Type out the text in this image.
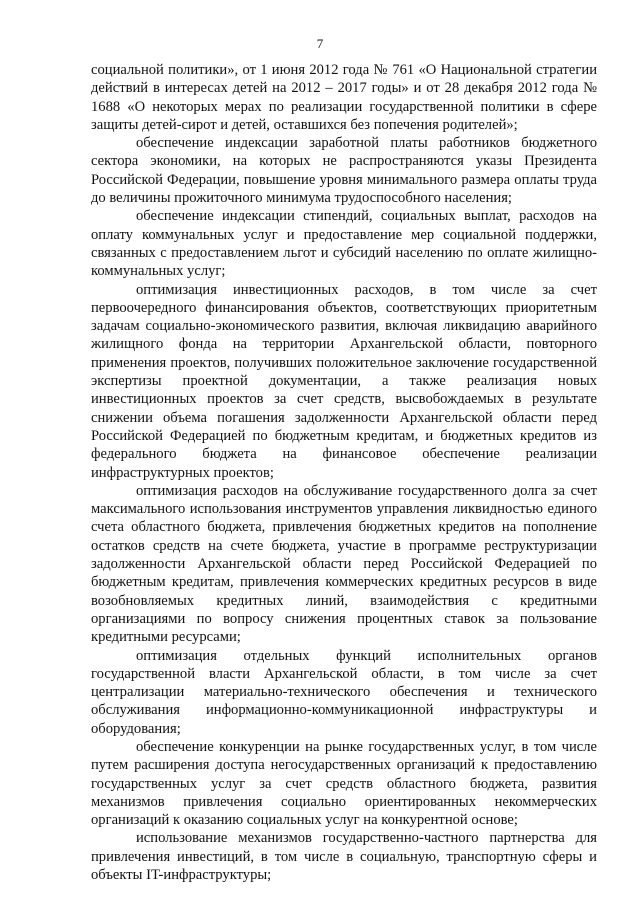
7

социальной политики», от 1 июня 2012 года № 761 «О Национальной стратегии действий в интересах детей на 2012 – 2017 годы» и от 28 декабря 2012 года № 1688 «О некоторых мерах по реализации государственной политики в сфере защиты детей-сирот и детей, оставшихся без попечения родителей»;

обеспечение индексации заработной платы работников бюджетного сектора экономики, на которых не распространяются указы Президента Российской Федерации, повышение уровня минимального размера оплаты труда до величины прожиточного минимума трудоспособного населения;

обеспечение индексации стипендий, социальных выплат, расходов на оплату коммунальных услуг и предоставление мер социальной поддержки, связанных с предоставлением льгот и субсидий населению по оплате жилищно-коммунальных услуг;

оптимизация инвестиционных расходов, в том числе за счет первоочередного финансирования объектов, соответствующих приоритетным задачам социально-экономического развития, включая ликвидацию аварийного жилищного фонда на территории Архангельской области, повторного применения проектов, получивших положительное заключение государственной экспертизы проектной документации, а также реализация новых инвестиционных проектов за счет средств, высвобождаемых в результате снижении объема погашения задолженности Архангельской области перед Российской Федерацией по бюджетным кредитам, и бюджетных кредитов из федерального бюджета на финансовое обеспечение реализации инфраструктурных проектов;

оптимизация расходов на обслуживание государственного долга за счет максимального использования инструментов управления ликвидностью единого счета областного бюджета, привлечения бюджетных кредитов на пополнение остатков средств на счете бюджета, участие в программе реструктуризации задолженности Архангельской области перед Российской Федерацией по бюджетным кредитам, привлечения коммерческих кредитных ресурсов в виде возобновляемых кредитных линий, взаимодействия с кредитными организациями по вопросу снижения процентных ставок за пользование кредитными ресурсами;

оптимизация отдельных функций исполнительных органов государственной власти Архангельской области, в том числе за счет централизации материально-технического обеспечения и технического обслуживания информационно-коммуникационной инфраструктуры и оборудования;

обеспечение конкуренции на рынке государственных услуг, в том числе путем расширения доступа негосударственных организаций к предоставлению государственных услуг за счет средств областного бюджета, развития механизмов привлечения социально ориентированных некоммерческих организаций к оказанию социальных услуг на конкурентной основе;

использование механизмов государственно-частного партнерства для привлечения инвестиций, в том числе в социальную, транспортную сферы и объекты IT-инфраструктуры;
